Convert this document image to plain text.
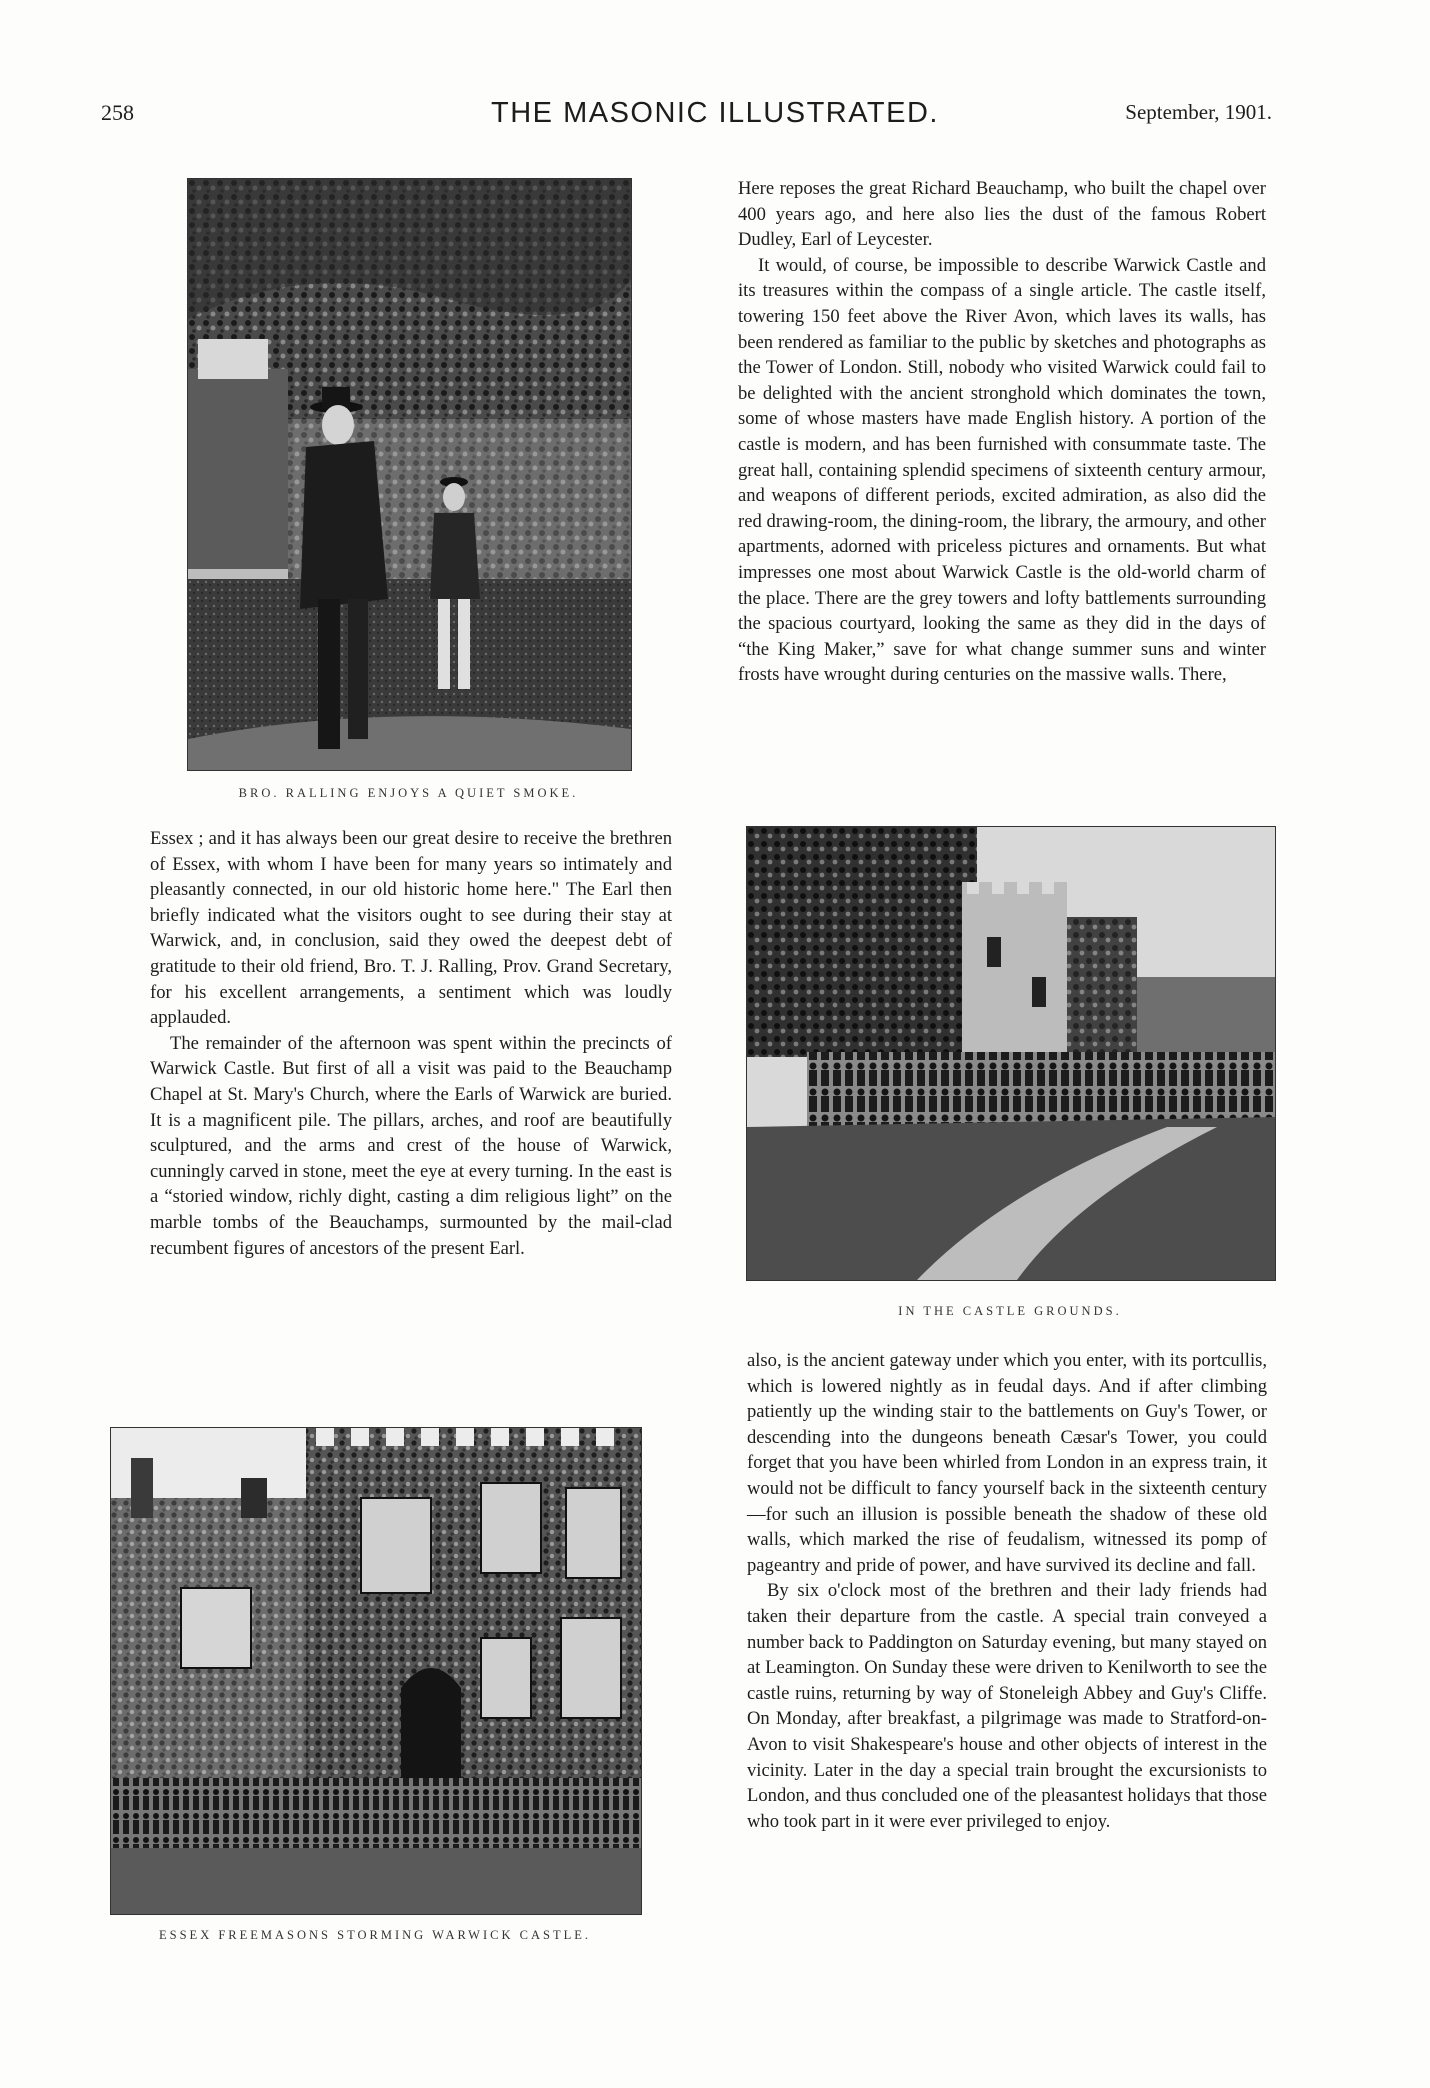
258	THE MASONIC ILLUSTRATED.	September, 1901.
BRO. RALLING ENJOYS A QUIET SMOKE.

Essex ; and it has always been our great desire to receive the brethren of Essex, with whom I have been for many years so intimately and pleasantly connected, in our old historic home here." The Earl then briefly indicated what the visitors ought to see during their stay at Warwick, and, in conclusion, said they owed the deepest debt of gratitude to their old friend, Bro. T. J. Ralling, Prov. Grand Secretary, for his excellent arrangements, a sentiment which was loudly applauded.

The remainder of the afternoon was spent within the precincts of Warwick Castle. But first of all a visit was paid to the Beauchamp Chapel at St. Mary's Church, where the Earls of Warwick are buried. It is a magnificent pile. The pillars, arches, and roof are beautifully sculptured, and the arms and crest of the house of Warwick, cunningly carved in stone, meet the eye at every turning. In the east is a “storied window, richly dight, casting a dim religious light” on the marble tombs of the Beauchamps, surmounted by the mail-clad recumbent figures of ancestors of the present Earl.

ESSEX FREEMASONS STORMING WARWICK CASTLE.

Here reposes the great Richard Beauchamp, who built the chapel over 400 years ago, and here also lies the dust of the famous Robert Dudley, Earl of Leycester.

It would, of course, be impossible to describe Warwick Castle and its treasures within the compass of a single article. The castle itself, towering 150 feet above the River Avon, which laves its walls, has been rendered as familiar to the public by sketches and photographs as the Tower of London. Still, nobody who visited Warwick could fail to be delighted with the ancient stronghold which dominates the town, some of whose masters have made English history. A portion of the castle is modern, and has been furnished with consummate taste. The great hall, containing splendid specimens of sixteenth century armour, and weapons of different periods, excited admiration, as also did the red drawing-room, the dining-room, the library, the armoury, and other apartments, adorned with priceless pictures and ornaments. But what impresses one most about Warwick Castle is the old-world charm of the place. There are the grey towers and lofty battlements surrounding the spacious courtyard, looking the same as they did in the days of “the King Maker,” save for what change summer suns and winter frosts have wrought during centuries on the massive walls. There,

IN THE CASTLE GROUNDS.

also, is the ancient gateway under which you enter, with its portcullis, which is lowered nightly as in feudal days. And if after climbing patiently up the winding stair to the battlements on Guy's Tower, or descending into the dungeons beneath Cæsar's Tower, you could forget that you have been whirled from London in an express train, it would not be difficult to fancy yourself back in the sixteenth century—for such an illusion is possible beneath the shadow of these old walls, which marked the rise of feudalism, witnessed its pomp of pageantry and pride of power, and have survived its decline and fall.

By six o'clock most of the brethren and their lady friends had taken their departure from the castle. A special train conveyed a number back to Paddington on Saturday evening, but many stayed on at Leamington. On Sunday these were driven to Kenilworth to see the castle ruins, returning by way of Stoneleigh Abbey and Guy's Cliffe. On Monday, after breakfast, a pilgrimage was made to Stratford-on-Avon to visit Shakespeare's house and other objects of interest in the vicinity. Later in the day a special train brought the excursionists to London, and thus concluded one of the pleasantest holidays that those who took part in it were ever privileged to enjoy.
